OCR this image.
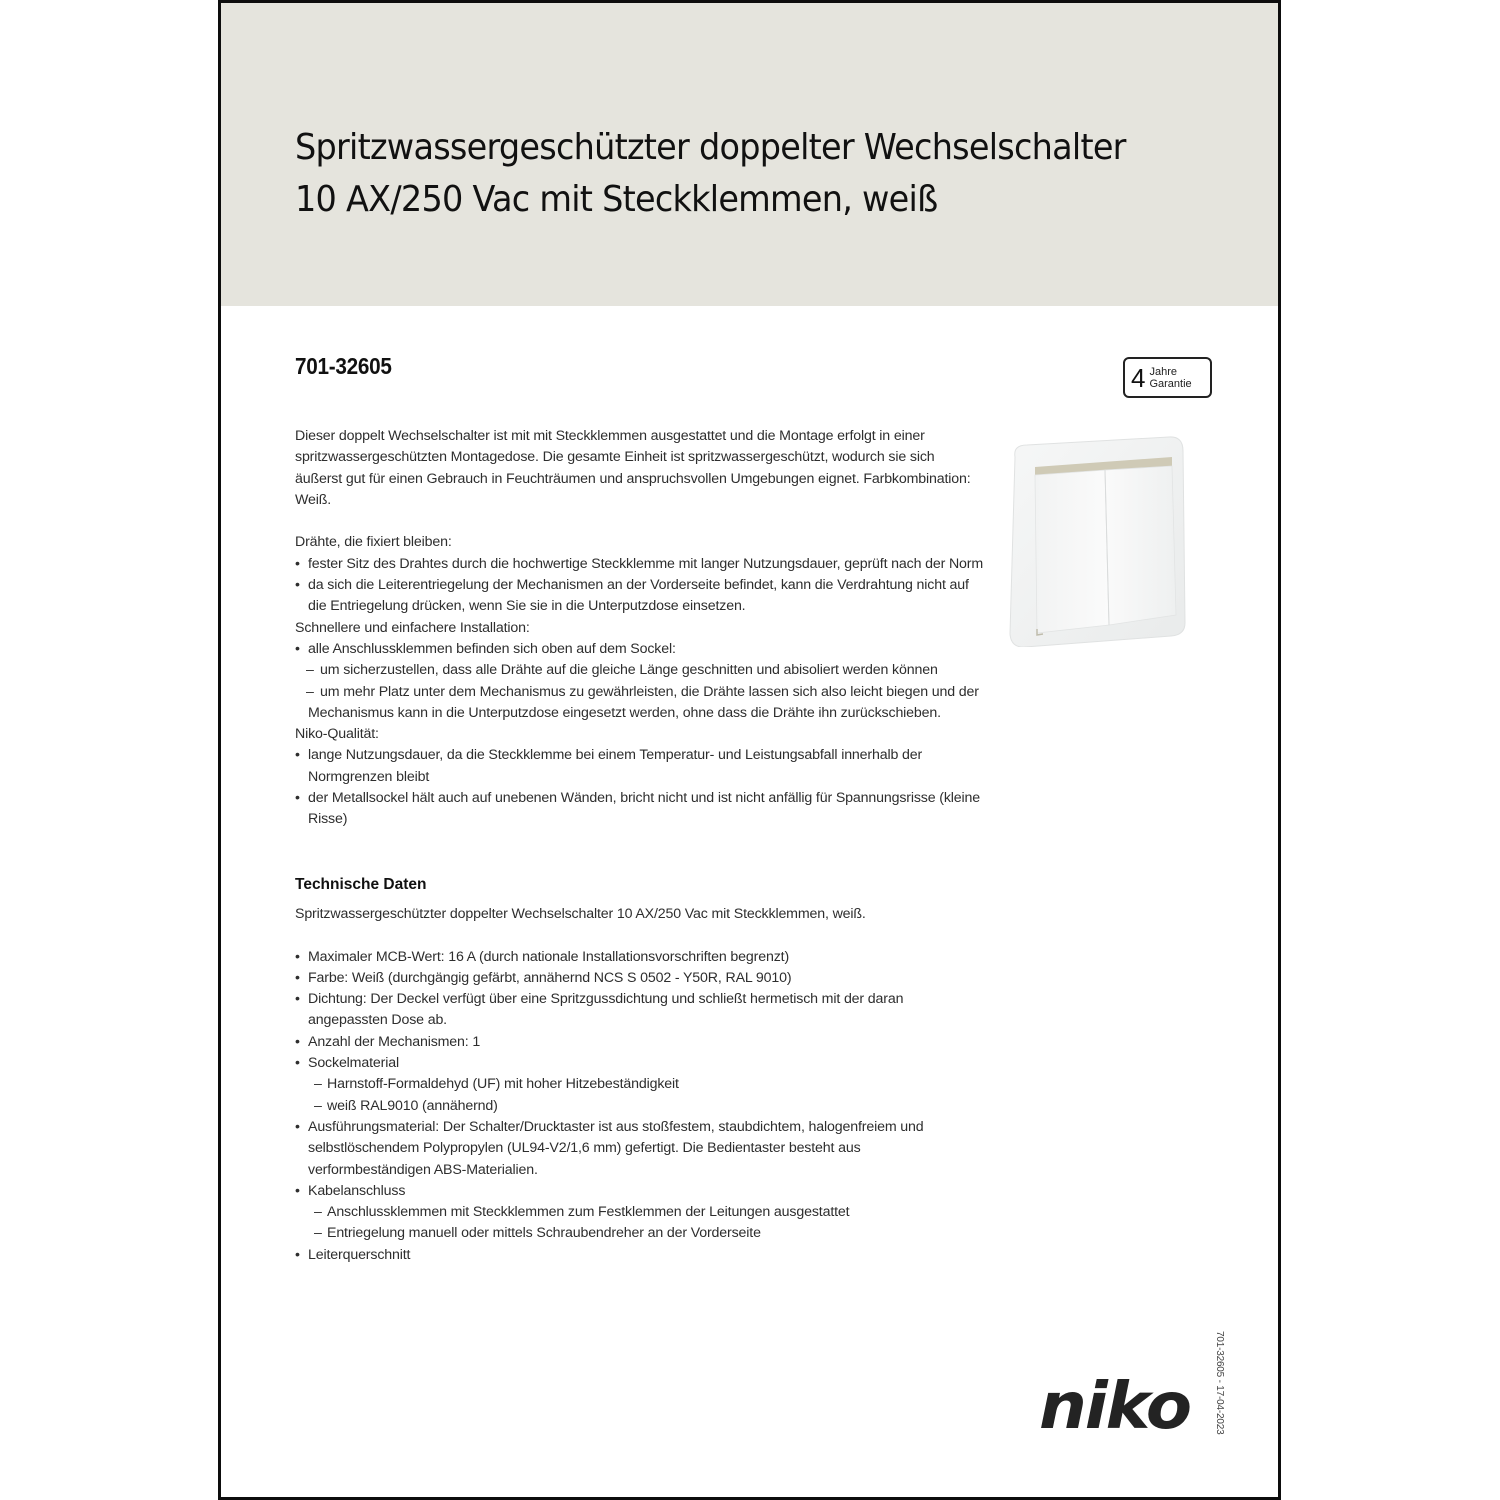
Spritzwassergeschützter doppelter Wechselschalter
10 AX/250 Vac mit Steckklemmen, weiß
701-32605	4 Jahre
Garantie

Dieser doppelt Wechselschalter ist mit mit Steckklemmen ausgestattet und die Montage erfolgt in einer spritzwassergeschützten Montagedose. Die gesamte Einheit ist spritzwassergeschützt, wodurch sie sich äußerst gut für einen Gebrauch in Feuchträumen und anspruchsvollen Umgebungen eignet. Farbkombination: Weiß.

Drähte, die fixiert bleiben:

• fester Sitz des Drahtes durch die hochwertige Steckklemme mit langer Nutzungsdauer, geprüft nach der Norm

• da sich die Leiterentriegelung der Mechanismen an der Vorderseite befindet, kann die Verdrahtung nicht auf die Entriegelung drücken, wenn Sie sie in die Unterputzdose einsetzen.

Schnellere und einfachere Installation:

• alle Anschlussklemmen befinden sich oben auf dem Sockel:

– um sicherzustellen, dass alle Drähte auf die gleiche Länge geschnitten und abisoliert werden können

– um mehr Platz unter dem Mechanismus zu gewährleisten, die Drähte lassen sich also leicht biegen und der Mechanismus kann in die Unterputzdose eingesetzt werden, ohne dass die Drähte ihn zurückschieben.

Niko-Qualität:

• lange Nutzungsdauer, da die Steckklemme bei einem Temperatur- und Leistungsabfall innerhalb der Normgrenzen bleibt

• der Metallsockel hält auch auf unebenen Wänden, bricht nicht und ist nicht anfällig für Spannungsrisse (kleine Risse)

Technische Daten

Spritzwassergeschützter doppelter Wechselschalter 10 AX/250 Vac mit Steckklemmen, weiß.

• Maximaler MCB-Wert: 16 A (durch nationale Installationsvorschriften begrenzt)

• Farbe: Weiß (durchgängig gefärbt, annähernd NCS S 0502 - Y50R, RAL 9010)

• Dichtung: Der Deckel verfügt über eine Spritzgussdichtung und schließt hermetisch mit der daran angepassten Dose ab.

• Anzahl der Mechanismen: 1

• Sockelmaterial

– Harnstoff-Formaldehyd (UF) mit hoher Hitzebeständigkeit

– weiß RAL9010 (annähernd)

• Ausführungsmaterial: Der Schalter/Drucktaster ist aus stoßfestem, staubdichtem, halogenfreiem und selbstlöschendem Polypropylen (UL94-V2/1,6 mm) gefertigt. Die Bedientaster besteht aus verformbeständigen ABS-Materialien.

• Kabelanschluss

– Anschlussklemmen mit Steckklemmen zum Festklemmen der Leitungen ausgestattet

– Entriegelung manuell oder mittels Schraubendreher an der Vorderseite

• Leiterquerschnitt

niko 701-32605 - 17-04-2023
